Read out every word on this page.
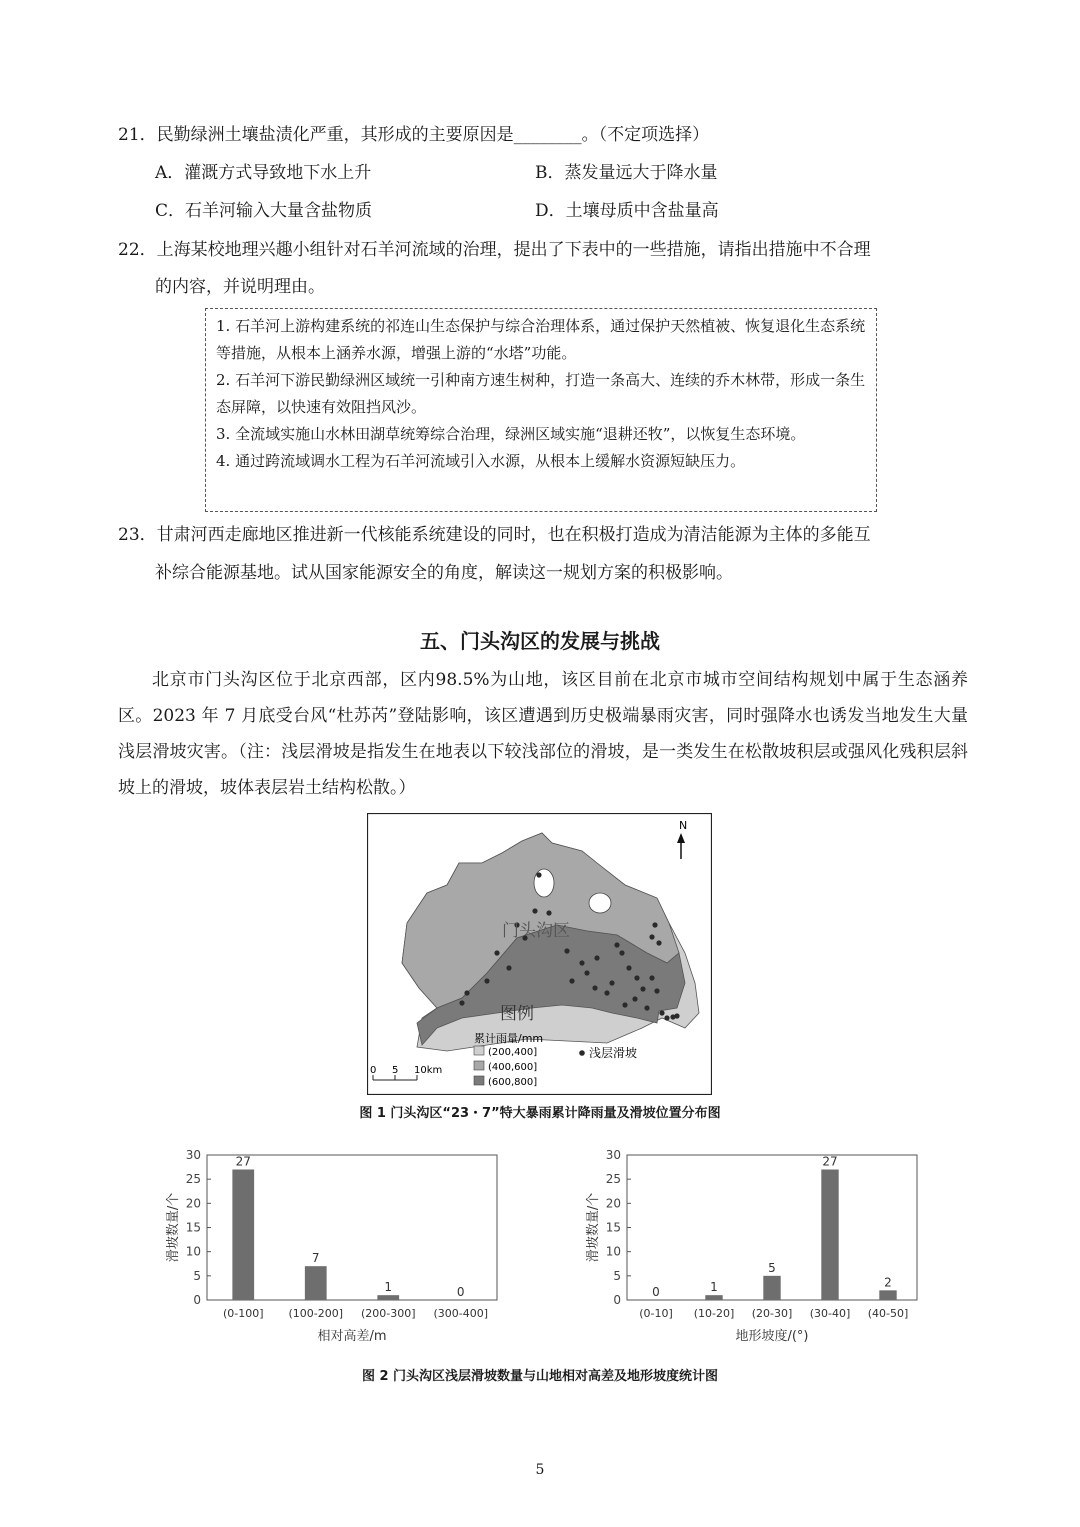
21．民勤绿洲土壤盐渍化严重，其形成的主要原因是________。（不定项选择）
A．灌溉方式导致地下水上升	B．蒸发量远大于降水量
C．石羊河输入大量含盐物质	D．土壤母质中含盐量高
22．上海某校地理兴趣小组针对石羊河流域的治理，提出了下表中的一些措施，请指出措施中不合理
的内容，并说明理由。
1. 石羊河上游构建系统的祁连山生态保护与综合治理体系，通过保护天然植被、恢复退化生态系统等措施，从根本上涵养水源，增强上游的“水塔”功能。
2. 石羊河下游民勤绿洲区域统一引种南方速生树种，打造一条高大、连续的乔木林带，形成一条生态屏障，以快速有效阻挡风沙。
3. 全流域实施山水林田湖草统筹综合治理，绿洲区域实施“退耕还牧”，以恢复生态环境。
4. 通过跨流域调水工程为石羊河流域引入水源，从根本上缓解水资源短缺压力。
23．甘肃河西走廊地区推进新一代核能系统建设的同时，也在积极打造成为清洁能源为主体的多能互
补综合能源基地。试从国家能源安全的角度，解读这一规划方案的积极影响。
五、门头沟区的发展与挑战
北京市门头沟区位于北京西部，区内98.5%为山地，该区目前在北京市城市空间结构规划中属于生态涵养区。2023 年 7 月底受台风“杜苏芮”登陆影响，该区遭遇到历史极端暴雨灾害，同时强降水也诱发当地发生大量浅层滑坡灾害。（注：浅层滑坡是指发生在地表以下较浅部位的滑坡，是一类发生在松散坡积层或强风化残积层斜坡上的滑坡，坡体表层岩土结构松散。）
N
门头沟区
图例
累计雨量/mm
(200,400]
(400,600]
(600,800]
浅层滑坡
0 5 10km
图 1 门头沟区“23・7”特大暴雨累计降雨量及滑坡位置分布图
0
5
10
15
20
25
30	27
(0-100]
7
(100-200]
1
(200-300]
0
(300-400]
相对高差/m
滑坡数量/个
0
5
10
15
20
25
30
0
(0-10]
1
(10-20]
5
(20-30]
27
(30-40]
2
(40-50]
地形坡度/(°)
滑坡数量/个
图 2 门头沟区浅层滑坡数量与山地相对高差及地形坡度统计图
5
